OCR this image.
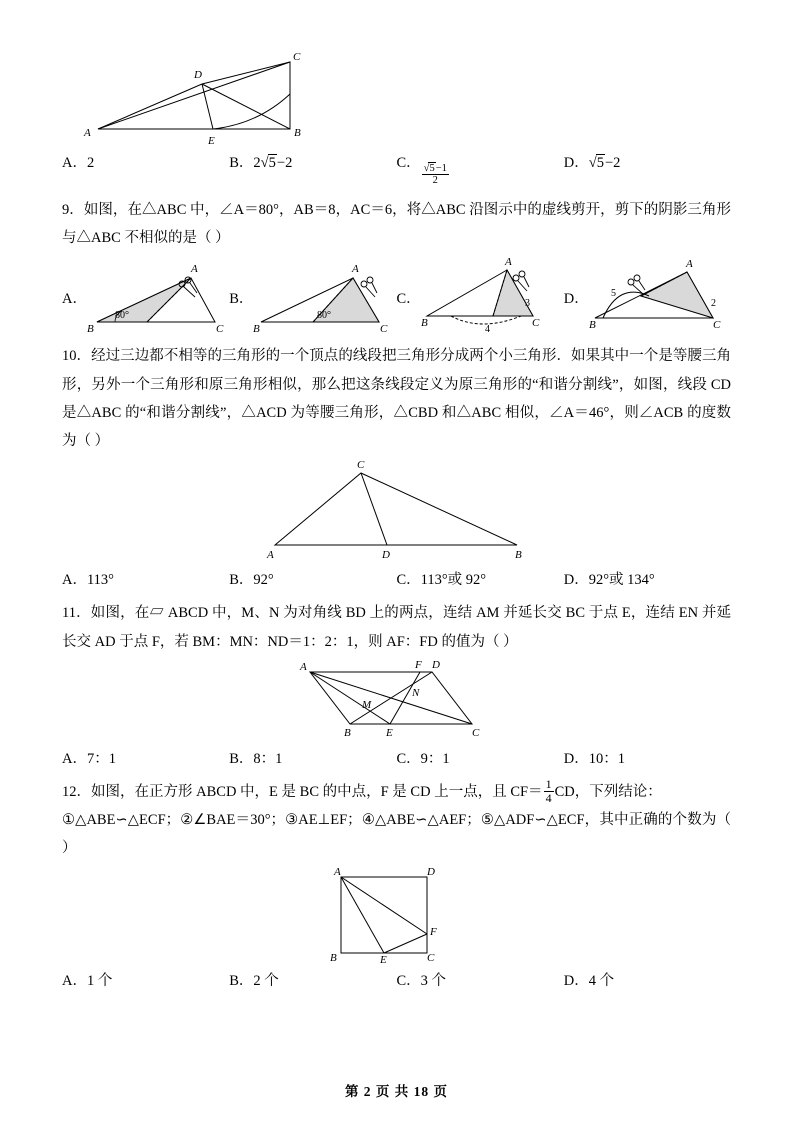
A	B
C
D
E
A．2	B．2√5−2	C． $\frac{√5-1}{2}$	D．√5−2

9．如图，在△ABC 中，∠A＝80°，AB＝8，AC＝6，将△ABC 沿图示中的虚线剪开，剪下的阴影三角形与△ABC 不相似的是（ ）

A．
80°
B	C
A
B．
80°
B	C
A
C．	3
4
B	C
A
D． 5
2
B	C
A

10．经过三边都不相等的三角形的一个顶点的线段把三角形分成两个小三角形．如果其中一个是等腰三角形，另外一个三角形和原三角形相似，那么把这条线段定义为原三角形的“和谐分割线”，如图，线段 CD 是△ABC 的“和谐分割线”，△ACD 为等腰三角形，△CBD 和△ABC 相似，∠A＝46°，则∠ACB 的度数为（ ）

C
A	D	B
A．113°	B．92°	C．113°或 92°	D．92°或 134°

11．如图，在▱ ABCD 中，M、N 为对角线 BD 上的两点，连结 AM 并延长交 BC 于点 E，连结 EN 并延长交 AD 于点 F，若 BM：MN：ND＝1：2：1，则 AF：FD 的值为（ ）

A	D
F
B	E	C
M
N
A．7：1	B．8：1	C．9：1	D．10：1

12．如图，在正方形 ABCD 中，E 是 BC 的中点，F 是 CD 上一点，且 $CF= \frac{1}{4}$ CD，下列结论：

①△ABE∽△ECF；②∠BAE＝30°；③AE⊥EF；④△ABE∽△AEF；⑤△ADF∽△ECF，其中正确的个数为（ ）

A	D
B	E	C
F
A．1 个	B．2 个	C．3 个	D．4 个
第 2 页 共 18 页
